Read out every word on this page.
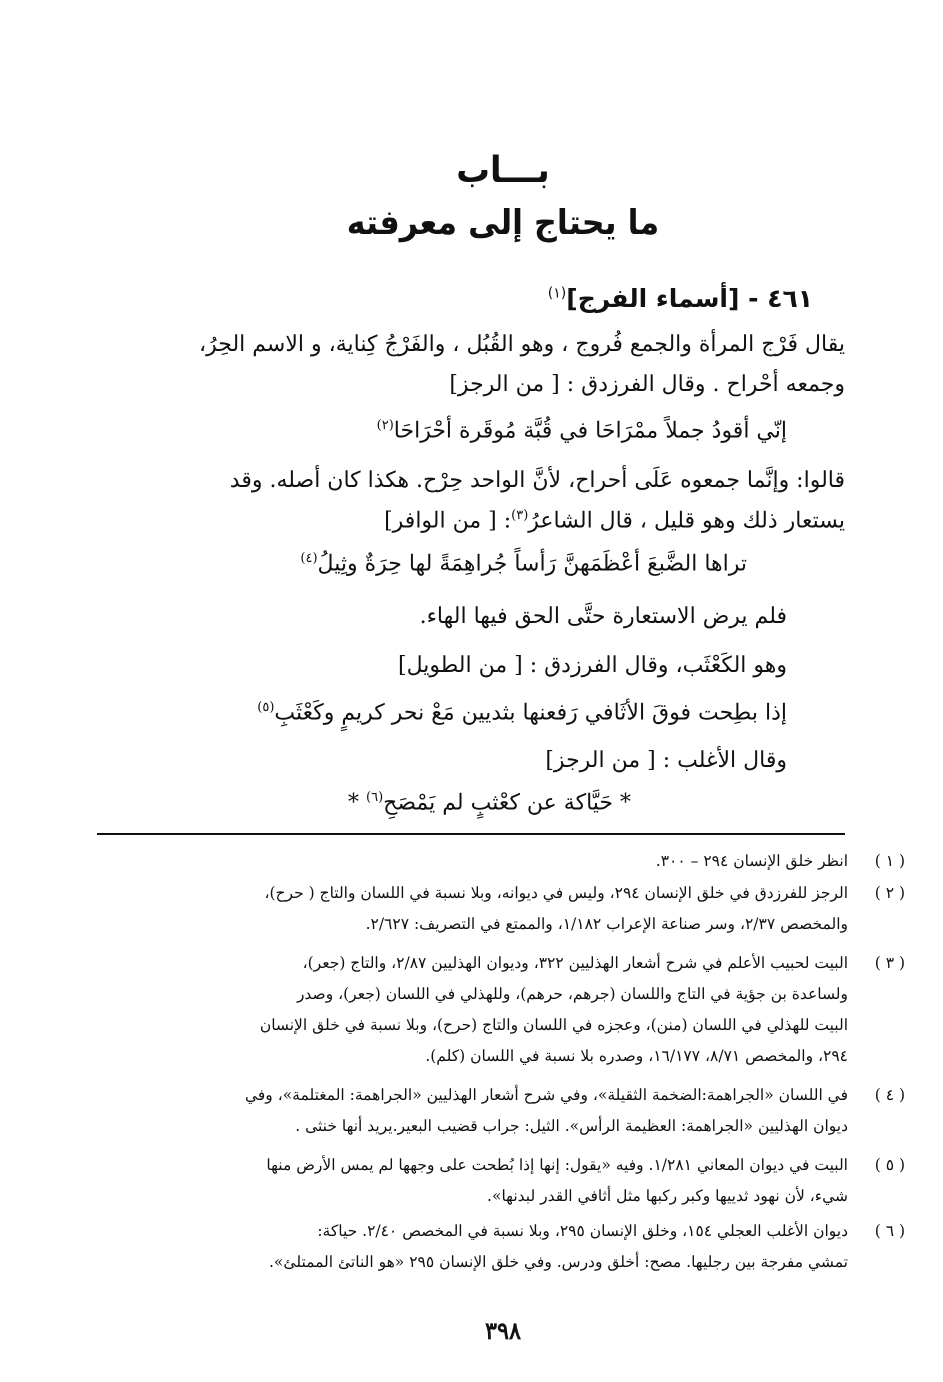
بـــاب
ما يحتاج إلى معرفته
٤٦١ - [أسماء الفرج]$^{(١)}$
يقال فَرْج المرأة والجمع فُروج ، وهو القُبُل ، والفَرْجُ كِناية، و الاسم الحِرُ،
وجمعه أحْراح . وقال الفرزدق : [ من الرجز]
إنّي أقودُ جملاً ممْرَاحَا في قُبَّة مُوقَرة أحْرَاحَا$^{(٢)}$
قالوا: وإنَّما جمعوه عَلَى أحراح، لأنَّ الواحد حِرْح. هكذا كان أصله. وقد
يستعار ذلك وهو قليل ، قال الشاعرُ$^{(٣)}$: [ من الوافر]
تراها الضَّبعَ أعْظَمَهنَّ رَأساً جُراهِمَةً لها حِرَةٌ وثِيلُ$^{(٤)}$
فلم يرض الاستعارة حتَّى الحق فيها الهاء.
وهو الكَعْثَب، وقال الفرزدق : [ من الطويل]
إذا بطِحت فوقَ الأثَافي رَفعنها بثديين مَعْ نحر كريمٍ وكَعْثَبِ$^{(٥)}$
وقال الأغلب : [ من الرجز]
* حَيَّاكة عن كعْثبٍ لم يَمْصَحِ$^{(٦)}$ *
( ١ )
انظر خلق الإنسان ٢٩٤ – ٣٠٠.
( ٢ )
الرجز للفرزدق في خلق الإنسان ٢٩٤، وليس في ديوانه، وبلا نسبة في اللسان والتاج ( حرح)،
والمخصص ٢/٣٧، وسر صناعة الإعراب ١/١٨٢، والممتع في التصريف: ٢/٦٢٧.
( ٣ )
البيت لحبيب الأعلم في شرح أشعار الهذليين ٣٢٢، وديوان الهذليين ٢/٨٧، والتاج (جعر)،
ولساعدة بن جؤية في التاج واللسان (جرهم، حرهم)، وللهذلي في اللسان (جعر)، وصدر
البيت للهذلي في اللسان (منن)، وعجزه في اللسان والتاج (حرح)، وبلا نسبة في خلق الإنسان
٢٩٤، والمخصص ٨/٧١، ١٦/١٧٧، وصدره بلا نسبة في اللسان (كلم).
( ٤ )
في اللسان «الجراهمة:الضخمة الثقيلة»، وفي شرح أشعار الهذليين «الجراهمة: المغتلمة»، وفي
ديوان الهذليين «الجراهمة: العظيمة الرأس». الثيل: جراب قضيب البعير.يريد أنها خنثى .
( ٥ )
البيت في ديوان المعاني ١/٢٨١. وفيه «يقول: إنها إذا بُطحت على وجهها لم يمس الأرض منها
شيء، لأن نهود ثدييها وكبر ركبها مثل أثافي القدر لبدنها».
( ٦ )
ديوان الأغلب العجلي ١٥٤، وخلق الإنسان ٢٩٥، وبلا نسبة في المخصص ٢/٤٠. حياكة:
تمشي مفرجة بين رجليها. مصح: أخلق ودرس. وفي خلق الإنسان ٢٩٥ «هو الناتئ الممتلئ».
٣٩٨
